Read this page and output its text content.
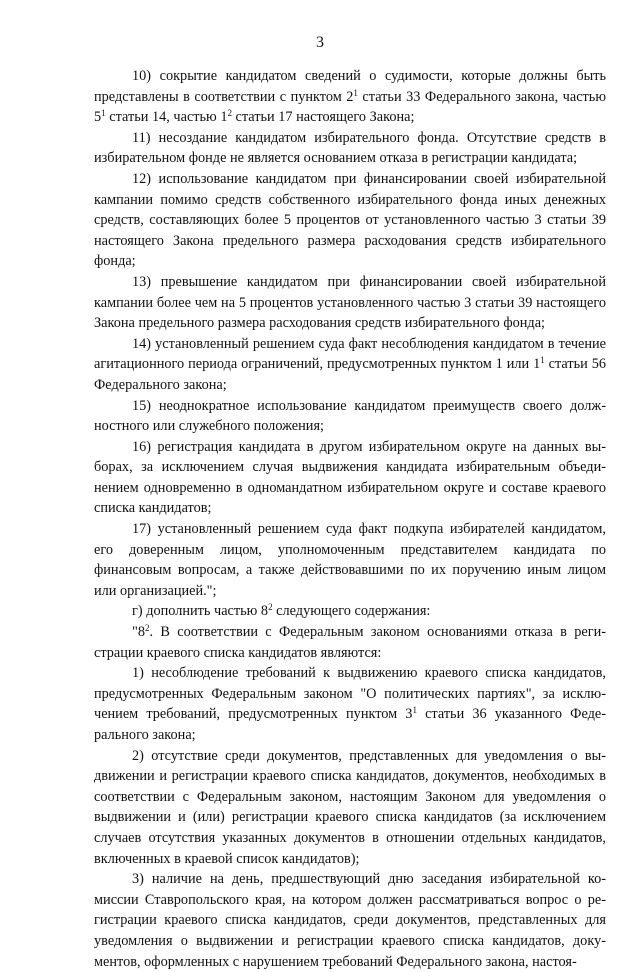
3

10) сокрытие кандидатом сведений о судимости, которые должны быть представлены в соответствии с пунктом $2^1$ статьи 33 Федерального закона, частью $5^1$ статьи 14, частью $1^2$ статьи 17 настоящего Закона;

11) несоздание кандидатом избирательного фонда. Отсутствие средств в избирательном фонде не является основанием отказа в регистрации кандидата;

12) использование кандидатом при финансировании своей избирательной кампании помимо средств собственного избирательного фонда иных денежных средств, составляющих более 5 процентов от установленного частью 3 статьи 39 настоящего Закона предельного размера расходования средств избирательного фонда;

13) превышение кандидатом при финансировании своей избирательной кампании более чем на 5 процентов установленного частью 3 статьи 39 настоящего Закона предельного размера расходования средств избирательного фонда;

14) установленный решением суда факт несоблюдения кандидатом в течение агитационного периода ограничений, предусмотренных пунктом 1 или $1^1$ статьи 56 Федерального закона;

15) неоднократное использование кандидатом преимуществ своего должностного или служебного положения;

16) регистрация кандидата в другом избирательном округе на данных выборах, за исключением случая выдвижения кандидата избирательным объединением одновременно в одномандатном избирательном округе и составе краевого списка кандидатов;

17) установленный решением суда факт подкупа избирателей кандидатом, его доверенным лицом, уполномоченным представителем кандидата по финансовым вопросам, а также действовавшими по их поручению иным лицом или организацией.";

г) дополнить частью $8^2$ следующего содержания:

"$8^2$. В соответствии с Федеральным законом основаниями отказа в регистрации краевого списка кандидатов являются:

1) несоблюдение требований к выдвижению краевого списка кандидатов, предусмотренных Федеральным законом "О политических партиях", за исключением требований, предусмотренных пунктом $3^1$ статьи 36 указанного Федерального закона;

2) отсутствие среди документов, представленных для уведомления о выдвижении и регистрации краевого списка кандидатов, документов, необходимых в соответствии с Федеральным законом, настоящим Законом для уведомления о выдвижении и (или) регистрации краевого списка кандидатов (за исключением случаев отсутствия указанных документов в отношении отдельных кандидатов, включенных в краевой список кандидатов);

3) наличие на день, предшествующий дню заседания избирательной комиссии Ставропольского края, на котором должен рассматриваться вопрос о регистрации краевого списка кандидатов, среди документов, представленных для уведомления о выдвижении и регистрации краевого списка кандидатов, документов, оформленных с нарушением требований Федерального закона, настоя-
